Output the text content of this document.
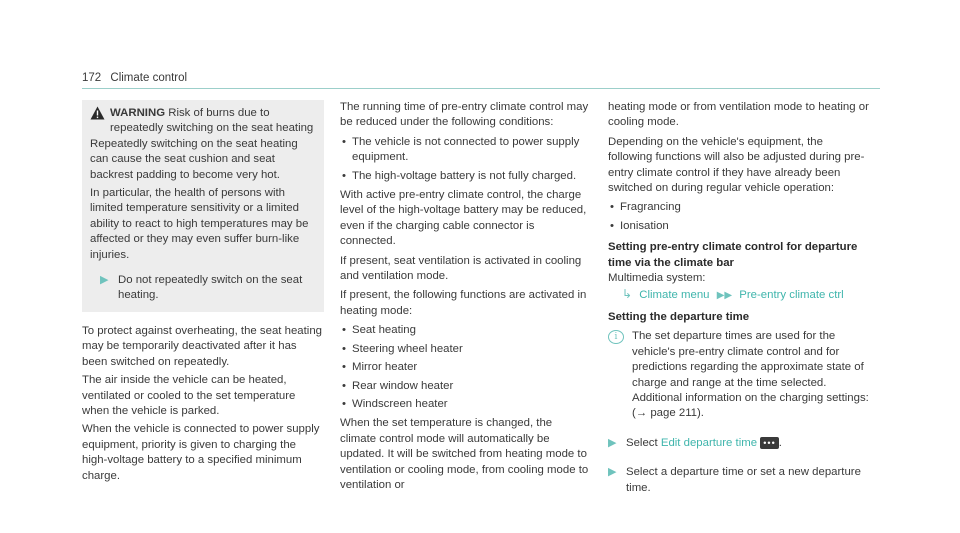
172 Climate control
WARNING Risk of burns due to repeatedly switching on the seat heating

Repeatedly switching on the seat heating can cause the seat cushion and seat backrest padding to become very hot.

In particular, the health of persons with limited temperature sensitivity or a limited ability to react to high temperatures may be affected or they may even suffer burn-like injuries.

▶ Do not repeatedly switch on the seat heating.

To protect against overheating, the seat heating may be temporarily deactivated after it has been switched on repeatedly.

The air inside the vehicle can be heated, ventilated or cooled to the set temperature when the vehicle is parked.

When the vehicle is connected to power supply equipment, priority is given to charging the high-voltage battery to a specified minimum charge.

The running time of pre-entry climate control may be reduced under the following conditions:

• The vehicle is not connected to power supply equipment.
• The high-voltage battery is not fully charged.

With active pre-entry climate control, the charge level of the high-voltage battery may be reduced, even if the charging cable connector is connected.

If present, seat ventilation is activated in cooling and ventilation mode.

If present, the following functions are activated in heating mode:

• Seat heating
• Steering wheel heater
• Mirror heater
• Rear window heater
• Windscreen heater

When the set temperature is changed, the climate control mode will automatically be updated. It will be switched from heating mode to ventilation or cooling mode, from cooling mode to ventilation or

heating mode or from ventilation mode to heating or cooling mode.

Depending on the vehicle's equipment, the following functions will also be adjusted during pre-entry climate control if they have already been switched on during regular vehicle operation:

• Fragrancing
• Ionisation
Setting pre-entry climate control for departure time via the climate bar
Multimedia system:
↳ Climate menu ▶▶ Pre-entry climate ctrl
Setting the departure time
i	The set departure times are used for the vehicle's pre-entry climate control and for predictions regarding the approximate state of charge and range at the time selected. Additional information on the charging settings: (→ page 211).
▶ Select Edit departure time ••• .
▶ Select a departure time or set a new departure time.
